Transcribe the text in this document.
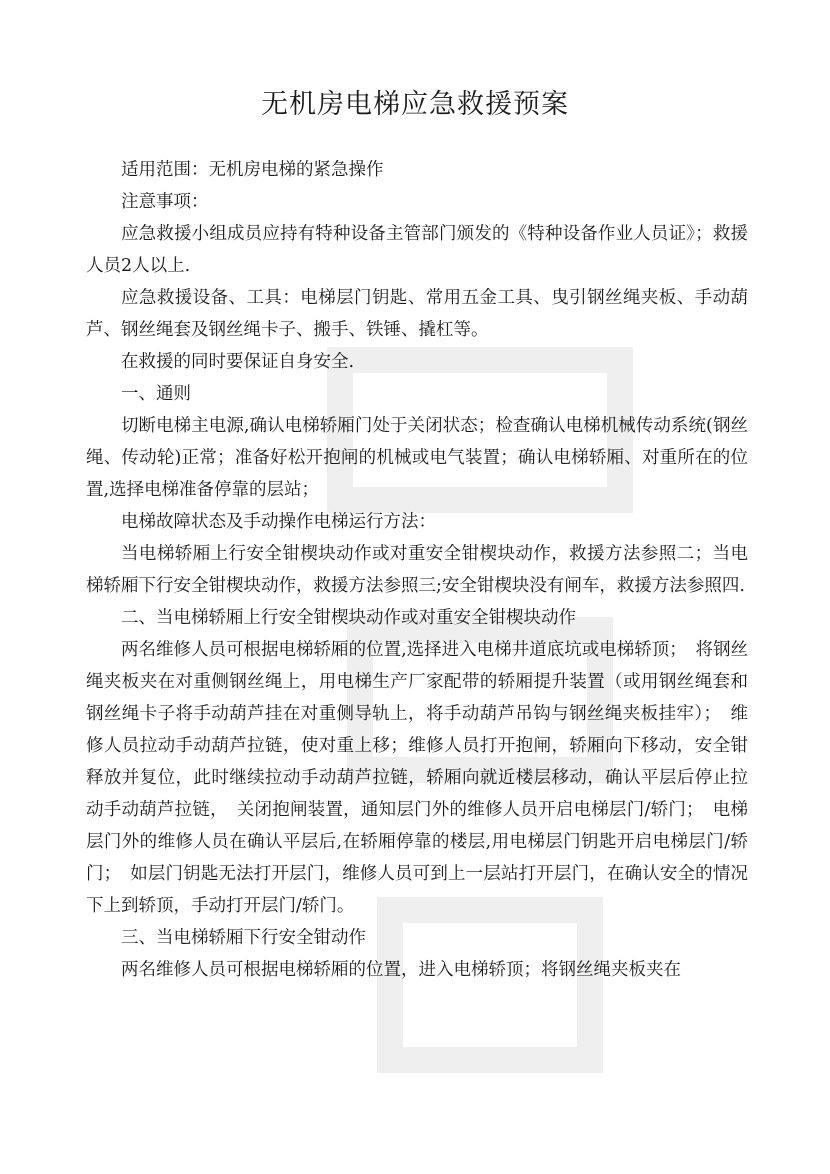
无机房电梯应急救援预案

适用范围：无机房电梯的紧急操作

注意事项：

应急救援小组成员应持有特种设备主管部门颁发的《特种设备作业人员证》；救援人员2人以上.

应急救援设备、工具：电梯层门钥匙、常用五金工具、曳引钢丝绳夹板、手动葫芦、钢丝绳套及钢丝绳卡子、搬手、铁锤、撬杠等。

在救援的同时要保证自身安全.

一、通则

切断电梯主电源,确认电梯轿厢门处于关闭状态；检查确认电梯机械传动系统(钢丝绳、传动轮)正常；准备好松开抱闸的机械或电气装置；确认电梯轿厢、对重所在的位置,选择电梯准备停靠的层站；

电梯故障状态及手动操作电梯运行方法：

当电梯轿厢上行安全钳楔块动作或对重安全钳楔块动作，救援方法参照二；当电梯轿厢下行安全钳楔块动作，救援方法参照三;安全钳楔块没有闸车，救援方法参照四.

二、当电梯轿厢上行安全钳楔块动作或对重安全钳楔块动作

两名维修人员可根据电梯轿厢的位置,选择进入电梯井道底坑或电梯轿顶；　将钢丝绳夹板夹在对重侧钢丝绳上，用电梯生产厂家配带的轿厢提升装置（或用钢丝绳套和钢丝绳卡子将手动葫芦挂在对重侧导轨上，将手动葫芦吊钩与钢丝绳夹板挂牢）；　维修人员拉动手动葫芦拉链，使对重上移；维修人员打开抱闸，轿厢向下移动，安全钳释放并复位，此时继续拉动手动葫芦拉链，轿厢向就近楼层移动，确认平层后停止拉动手动葫芦拉链，　关闭抱闸装置，通知层门外的维修人员开启电梯层门/轿门；　电梯层门外的维修人员在确认平层后,在轿厢停靠的楼层,用电梯层门钥匙开启电梯层门/轿门；　如层门钥匙无法打开层门，维修人员可到上一层站打开层门，在确认安全的情况下上到轿顶，手动打开层门/轿门。

三、当电梯轿厢下行安全钳动作

两名维修人员可根据电梯轿厢的位置，进入电梯轿顶；将钢丝绳夹板夹在
